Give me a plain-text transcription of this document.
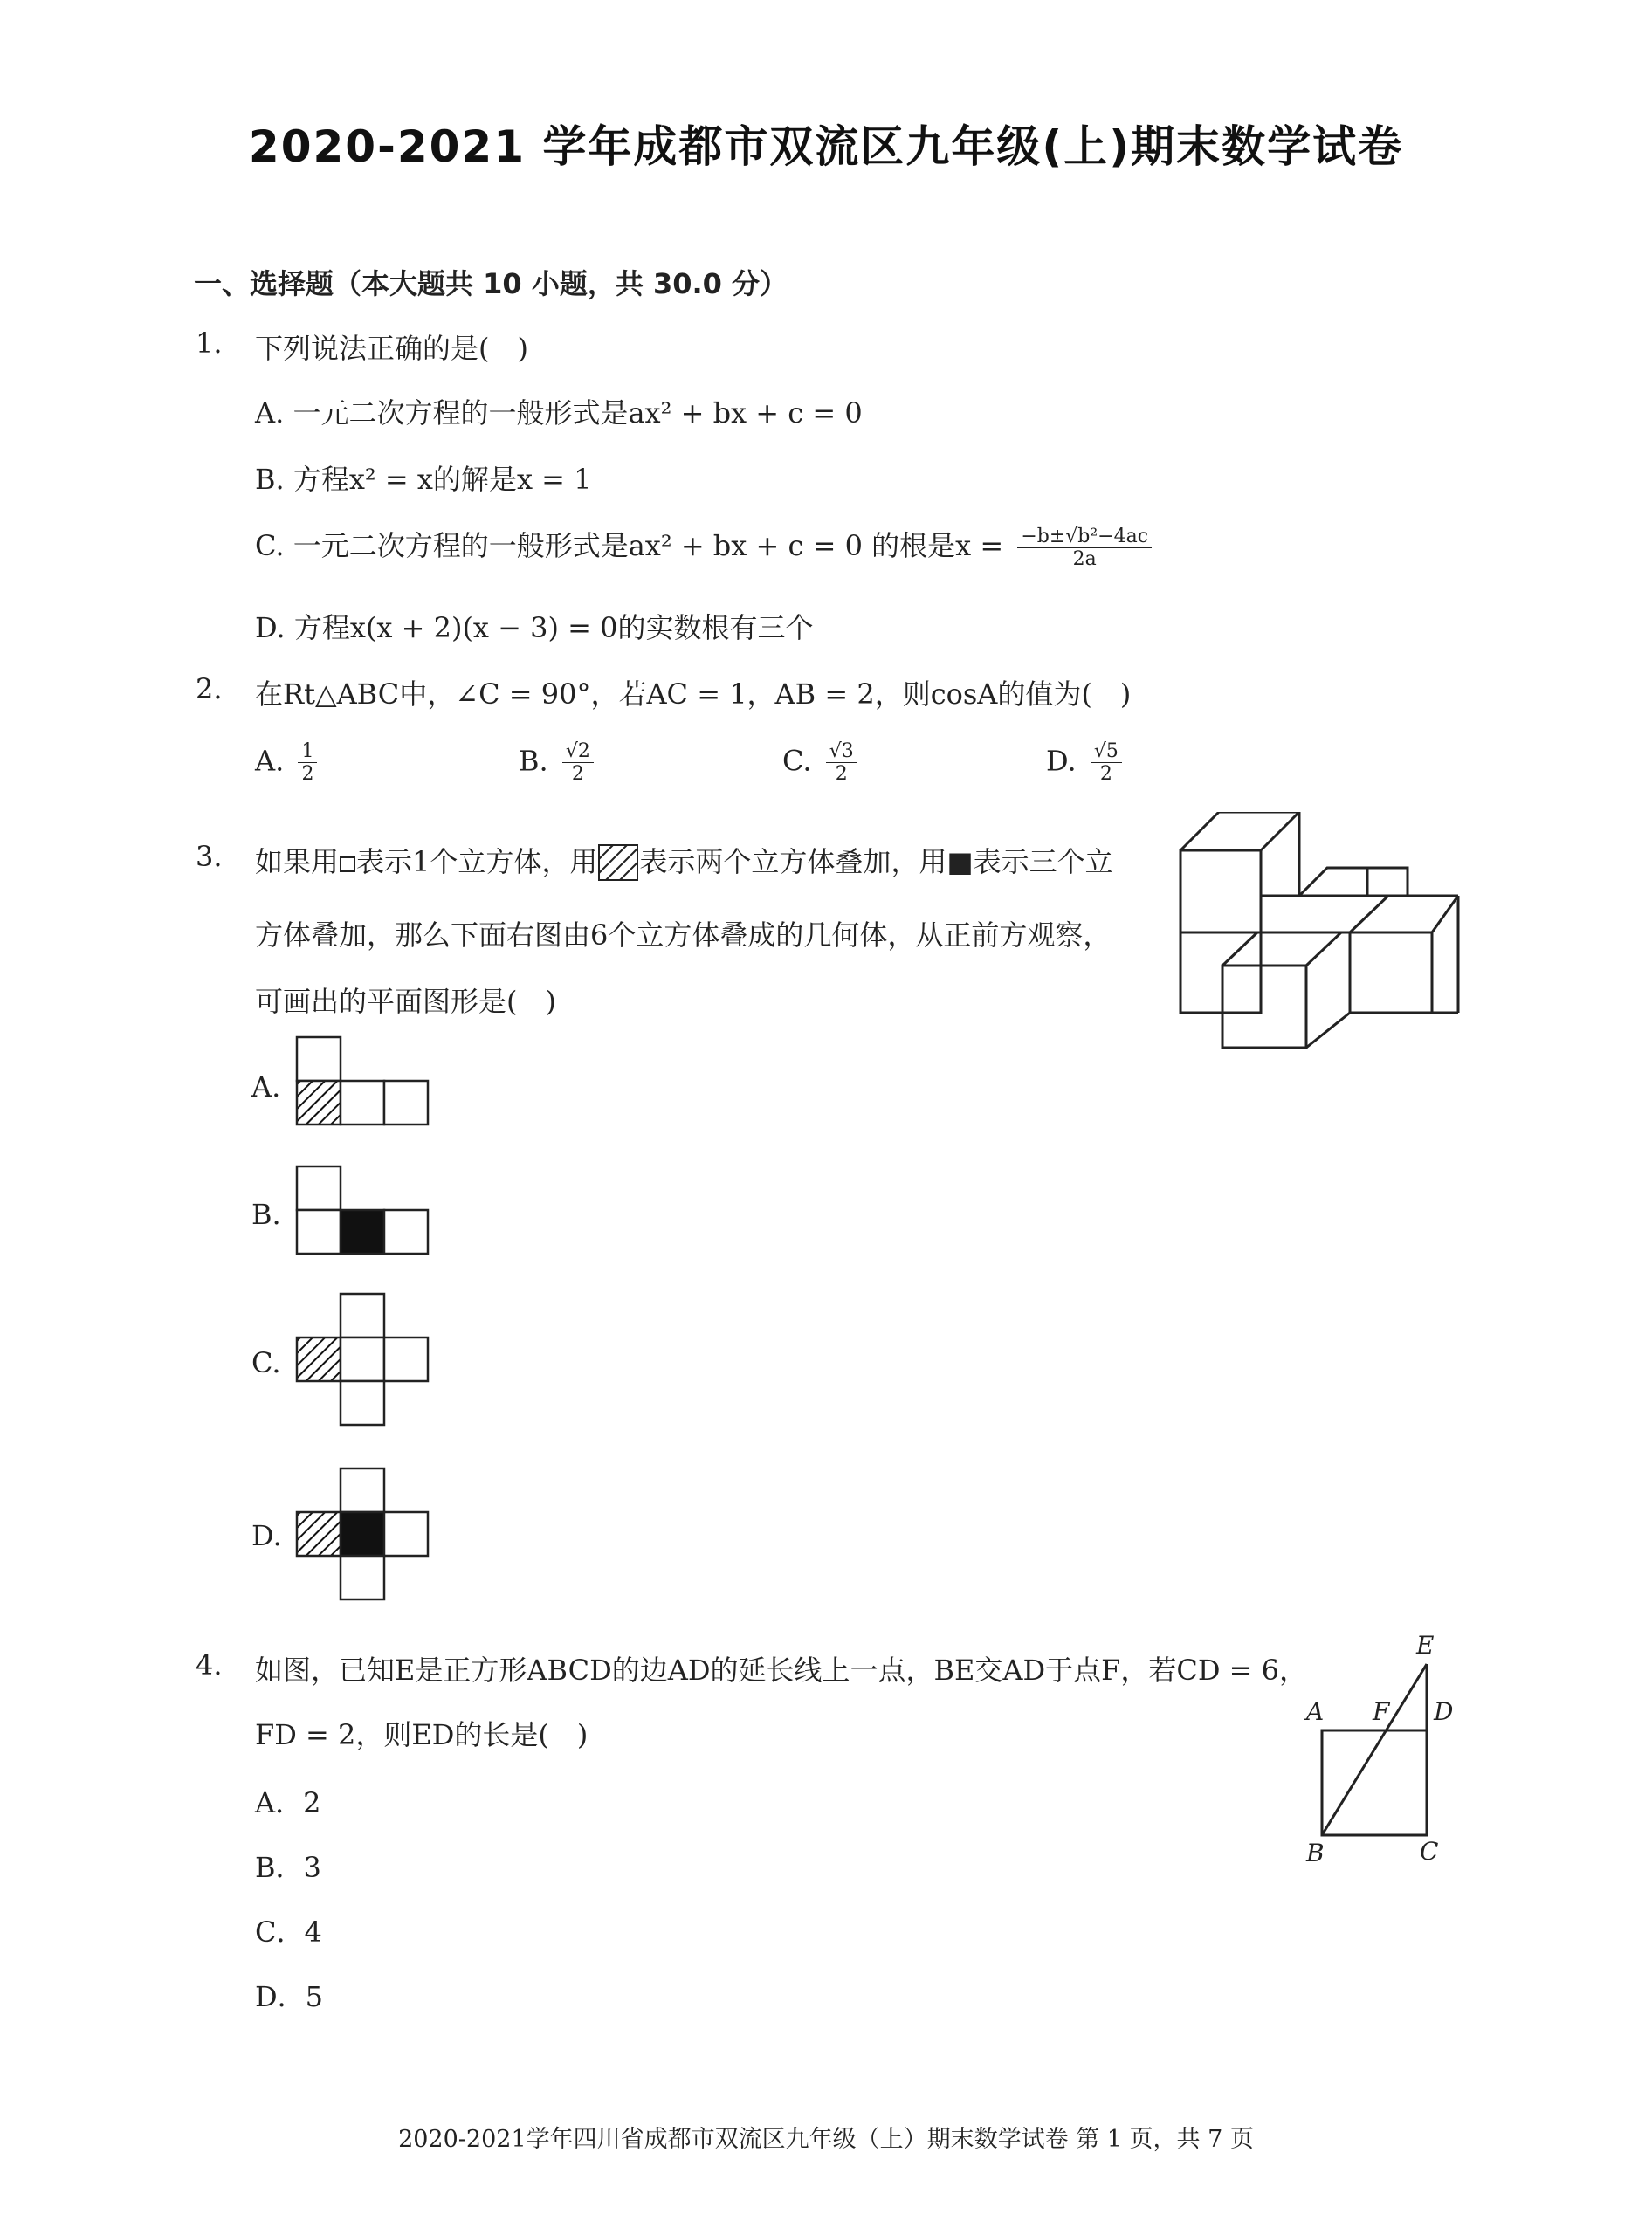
2020-2021 学年成都市双流区九年级(上)期末数学试卷
一、选择题（本大题共 10 小题，共 30.0 分）
1. 下列说法正确的是(　)
A. 一元二次方程的一般形式是ax² + bx + c = 0
B. 方程x² = x的解是x = 1
C. 一元二次方程的一般形式是ax² + bx + c = 0 的根是$x = \frac{\text{−b±√b²−4ac}}{2a}$
D. 方程x(x + 2)(x − 3) = 0的实数根有三个
2. 在Rt△ABC中，∠C = 90°，若AC = 1，AB = 2，则cosA的值为(　)
A. $\frac{1}{2}$	B. $\frac{√2}{2}$	C. $\frac{√3}{2}$	D. $\frac{√5}{2}$
3. 如果用 表示1个立方体，用 表示两个立方体叠加，用■表示三个立
方体叠加，那么下面右图由6个立方体叠成的几何体，从正前方观察，
可画出的平面图形是(　)
A.
B.
C.
D.
4. 如图，已知E是正方形ABCD的边AD的延长线上一点，BE交AD于点F，若CD = 6，
FD = 2，则ED的长是(　)
A．2
B．3
C．4
D．5
A F D
E
B	C
2020-2021学年四川省成都市双流区九年级（上）期末数学试卷 第 1 页，共 7 页
